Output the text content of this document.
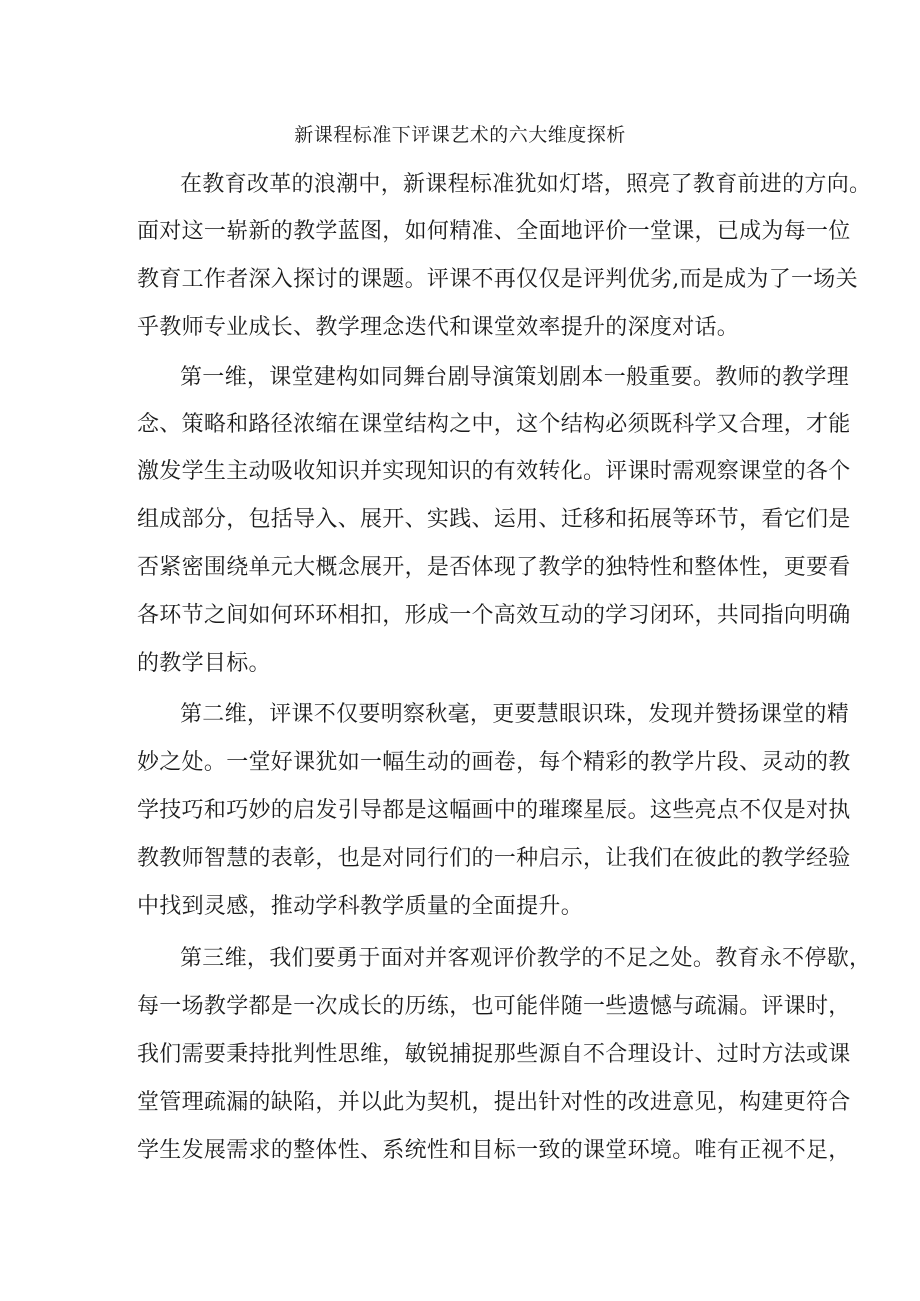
新课程标准下评课艺术的六大维度探析
在教育改革的浪潮中，新课程标准犹如灯塔，照亮了教育前进的方向。
面对这一崭新的教学蓝图，如何精准、全面地评价一堂课，已成为每一位
教育工作者深入探讨的课题。评课不再仅仅是评判优劣,而是成为了一场关
乎教师专业成长、教学理念迭代和课堂效率提升的深度对话。
第一维，课堂建构如同舞台剧导演策划剧本一般重要。教师的教学理
念、策略和路径浓缩在课堂结构之中，这个结构必须既科学又合理，才能
激发学生主动吸收知识并实现知识的有效转化。评课时需观察课堂的各个
组成部分，包括导入、展开、实践、运用、迁移和拓展等环节，看它们是
否紧密围绕单元大概念展开，是否体现了教学的独特性和整体性，更要看
各环节之间如何环环相扣，形成一个高效互动的学习闭环，共同指向明确
的教学目标。
第二维，评课不仅要明察秋毫，更要慧眼识珠，发现并赞扬课堂的精
妙之处。一堂好课犹如一幅生动的画卷，每个精彩的教学片段、灵动的教
学技巧和巧妙的启发引导都是这幅画中的璀璨星辰。这些亮点不仅是对执
教教师智慧的表彰，也是对同行们的一种启示，让我们在彼此的教学经验
中找到灵感，推动学科教学质量的全面提升。
第三维，我们要勇于面对并客观评价教学的不足之处。教育永不停歇，
每一场教学都是一次成长的历练，也可能伴随一些遗憾与疏漏。评课时，
我们需要秉持批判性思维，敏锐捕捉那些源自不合理设计、过时方法或课
堂管理疏漏的缺陷，并以此为契机，提出针对性的改进意见，构建更符合
学生发展需求的整体性、系统性和目标一致的课堂环境。唯有正视不足，
